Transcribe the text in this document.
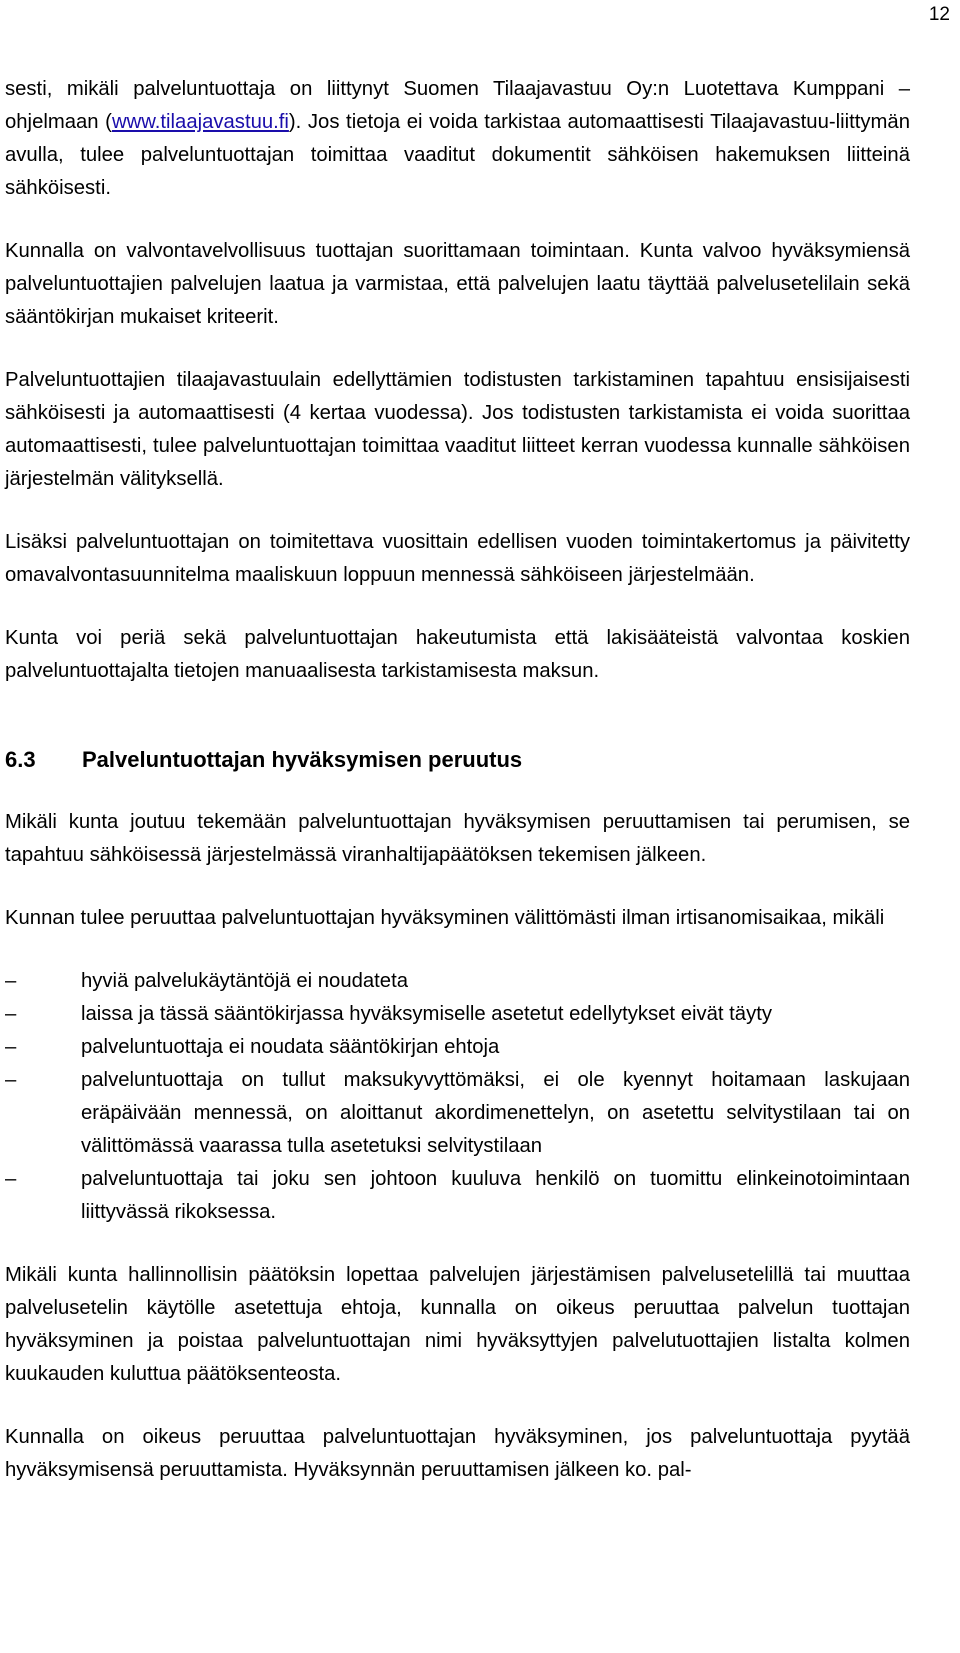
12

sesti, mikäli palveluntuottaja on liittynyt Suomen Tilaajavastuu Oy:n Luotettava Kumppani –ohjelmaan (www.tilaajavastuu.fi). Jos tietoja ei voida tarkistaa automaattisesti Tilaajavastuu-liittymän avulla, tulee palveluntuottajan toimittaa vaaditut dokumentit sähköisen hakemuksen liitteinä sähköisesti.

Kunnalla on valvontavelvollisuus tuottajan suorittamaan toimintaan. Kunta valvoo hyväksymiensä palveluntuottajien palvelujen laatua ja varmistaa, että palvelujen laatu täyttää palvelusetelilain sekä sääntökirjan mukaiset kriteerit.

Palveluntuottajien tilaajavastuulain edellyttämien todistusten tarkistaminen tapahtuu ensisijaisesti sähköisesti ja automaattisesti (4 kertaa vuodessa). Jos todistusten tarkistamista ei voida suorittaa automaattisesti, tulee palveluntuottajan toimittaa vaaditut liitteet kerran vuodessa kunnalle sähköisen järjestelmän välityksellä.

Lisäksi palveluntuottajan on toimitettava vuosittain edellisen vuoden toimintakertomus ja päivitetty omavalvontasuunnitelma maaliskuun loppuun mennessä sähköiseen järjestelmään.

Kunta voi periä sekä palveluntuottajan hakeutumista että lakisääteistä valvontaa koskien palveluntuottajalta tietojen manuaalisesta tarkistamisesta maksun.

6.3	Palveluntuottajan hyväksymisen peruutus

Mikäli kunta joutuu tekemään palveluntuottajan hyväksymisen peruuttamisen tai perumisen, se tapahtuu sähköisessä järjestelmässä viranhaltijapäätöksen tekemisen jälkeen.

Kunnan tulee peruuttaa palveluntuottajan hyväksyminen välittömästi ilman irtisanomisaikaa, mikäli

–	hyviä palvelukäytäntöjä ei noudateta
–	laissa ja tässä sääntökirjassa hyväksymiselle asetetut edellytykset eivät täyty
–	palveluntuottaja ei noudata sääntökirjan ehtoja
–	palveluntuottaja on tullut maksukyvyttömäksi, ei ole kyennyt hoitamaan laskujaan eräpäivään mennessä, on aloittanut akordimenettelyn, on asetettu selvitystilaan tai on välittömässä vaarassa tulla asetetuksi selvitystilaan
–	palveluntuottaja tai joku sen johtoon kuuluva henkilö on tuomittu elinkeinotoimintaan liittyvässä rikoksessa.

Mikäli kunta hallinnollisin päätöksin lopettaa palvelujen järjestämisen palvelusetelillä tai muuttaa palvelusetelin käytölle asetettuja ehtoja, kunnalla on oikeus peruuttaa palvelun tuottajan hyväksyminen ja poistaa palveluntuottajan nimi hyväksyttyjen palvelutuottajien listalta kolmen kuukauden kuluttua päätöksenteosta.

Kunnalla on oikeus peruuttaa palveluntuottajan hyväksyminen, jos palveluntuottaja pyytää hyväksymisensä peruuttamista. Hyväksynnän peruuttamisen jälkeen ko. pal-
